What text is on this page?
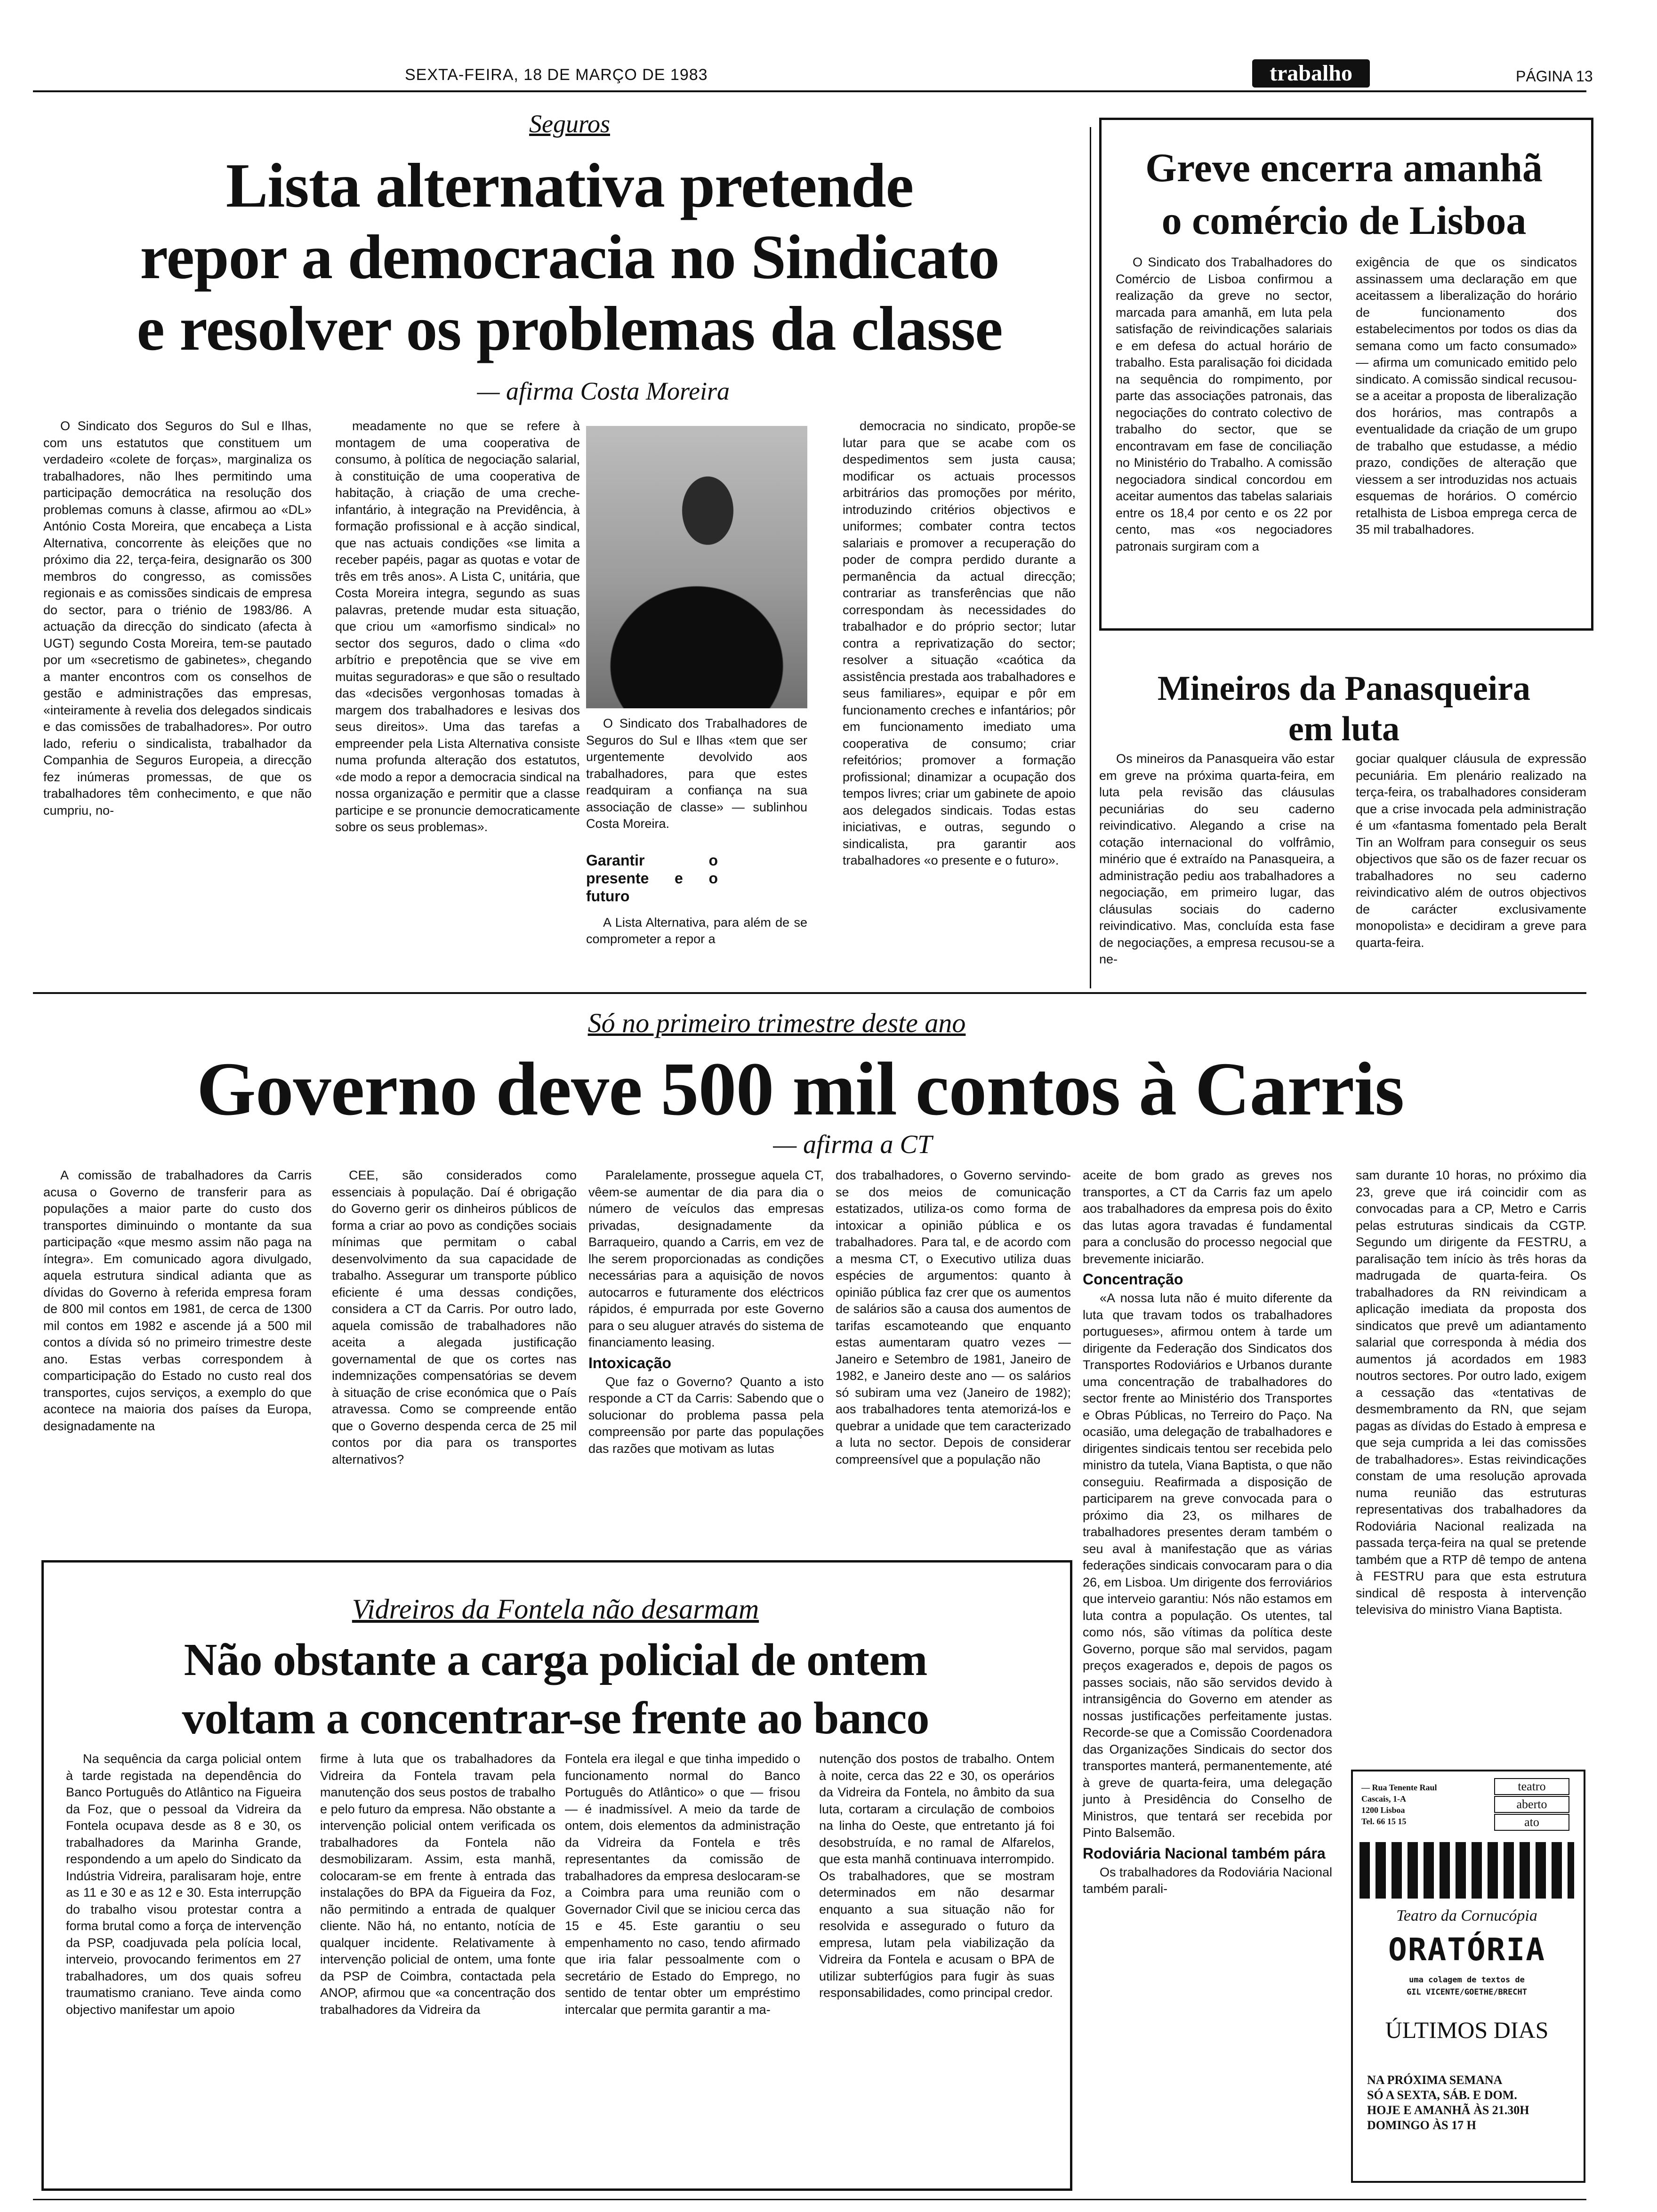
SEXTA-FEIRA, 18 DE MARÇO DE 1983	trabalho	PÁGINA 13
Seguros
Lista alternativa pretende
repor a democracia no Sindicato
e resolver os problemas da classe
— afirma Costa Moreira

O Sindicato dos Seguros do Sul e Ilhas, com uns estatutos que constituem um verdadeiro «colete de forças», marginaliza os trabalhadores, não lhes permitindo uma participação democrática na resolução dos problemas comuns à classe, afirmou ao «DL» António Costa Moreira, que encabeça a Lista Alternativa, concorrente às eleições que no próximo dia 22, terça-feira, designarão os 300 membros do congresso, as comissões regionais e as comissões sindicais de empresa do sector, para o triénio de 1983/86. A actuação da direcção do sindicato (afecta à UGT) segundo Costa Moreira, tem-se pautado por um «secretismo de gabinetes», chegando a manter encontros com os conselhos de gestão e administrações das empresas, «inteiramente à revelia dos delegados sindicais e das comissões de trabalhadores». Por outro lado, referiu o sindicalista, trabalhador da Companhia de Seguros Europeia, a direcção fez inúmeras promessas, de que os trabalhadores têm conhecimento, e que não cumpriu, no-

meadamente no que se refere à montagem de uma cooperativa de consumo, à política de negociação salarial, à constituição de uma cooperativa de habitação, à criação de uma creche-infantário, à integração na Previdência, à formação profissional e à acção sindical, que nas actuais condições «se limita a receber papéis, pagar as quotas e votar de três em três anos». A Lista C, unitária, que Costa Moreira integra, segundo as suas palavras, pretende mudar esta situação, que criou um «amorfismo sindical» no sector dos seguros, dado o clima «do arbítrio e prepotência que se vive em muitas seguradoras» e que são o resultado das «decisões vergonhosas tomadas à margem dos trabalhadores e lesivas dos seus direitos». Uma das tarefas a empreender pela Lista Alternativa consiste numa profunda alteração dos estatutos, «de modo a repor a democracia sindical na nossa organização e permitir que a classe participe e se pronuncie democraticamente sobre os seus problemas».

O Sindicato dos Trabalhadores de Seguros do Sul e Ilhas «tem que ser urgentemente devolvido aos trabalhadores, para que estes readquiram a confiança na sua associação de classe» — sublinhou Costa Moreira.

Garantir o presente e o futuro

A Lista Alternativa, para além de se comprometer a repor a

democracia no sindicato, propõe-se lutar para que se acabe com os despedimentos sem justa causa; modificar os actuais processos arbitrários das promoções por mérito, introduzindo critérios objectivos e uniformes; combater contra tectos salariais e promover a recuperação do poder de compra perdido durante a permanência da actual direcção; contrariar as transferências que não correspondam às necessidades do trabalhador e do próprio sector; lutar contra a reprivatização do sector; resolver a situação «caótica da assistência prestada aos trabalhadores e seus familiares», equipar e pôr em funcionamento creches e infantários; pôr em funcionamento imediato uma cooperativa de consumo; criar refeitórios; promover a formação profissional; dinamizar a ocupação dos tempos livres; criar um gabinete de apoio aos delegados sindicais. Todas estas iniciativas, e outras, segundo o sindicalista, pra garantir aos trabalhadores «o presente e o futuro».

Greve encerra amanhã
o comércio de Lisboa

O Sindicato dos Trabalhadores do Comércio de Lisboa confirmou a realização da greve no sector, marcada para amanhã, em luta pela satisfação de reivindicações salariais e em defesa do actual horário de trabalho. Esta paralisação foi dicidada na sequência do rompimento, por parte das associações patronais, das negociações do contrato colectivo de trabalho do sector, que se encontravam em fase de conciliação no Ministério do Trabalho. A comissão negociadora sindical concordou em aceitar aumentos das tabelas salariais entre os 18,4 por cento e os 22 por cento, mas «os negociadores patronais surgiram com a

exigência de que os sindicatos assinassem uma declaração em que aceitassem a liberalização do horário de funcionamento dos estabelecimentos por todos os dias da semana como um facto consumado» — afirma um comunicado emitido pelo sindicato. A comissão sindical recusou-se a aceitar a proposta de liberalização dos horários, mas contrapôs a eventualidade da criação de um grupo de trabalho que estudasse, a médio prazo, condições de alteração que viessem a ser introduzidas nos actuais esquemas de horários. O comércio retalhista de Lisboa emprega cerca de 35 mil trabalhadores.

Mineiros da Panasqueira
em luta

Os mineiros da Panasqueira vão estar em greve na próxima quarta-feira, em luta pela revisão das cláusulas pecuniárias do seu caderno reivindicativo. Alegando a crise na cotação internacional do volfrâmio, minério que é extraído na Panasqueira, a administração pediu aos trabalhadores a negociação, em primeiro lugar, das cláusulas sociais do caderno reivindicativo. Mas, concluída esta fase de negociações, a empresa recusou-se a ne-

gociar qualquer cláusula de expressão pecuniária. Em plenário realizado na terça-feira, os trabalhadores consideram que a crise invocada pela administração é um «fantasma fomentado pela Beralt Tin an Wolfram para conseguir os seus objectivos que são os de fazer recuar os trabalhadores no seu caderno reivindicativo além de outros objectivos de carácter exclusivamente monopolista» e decidiram a greve para quarta-feira.

Só no primeiro trimestre deste ano
Governo deve 500 mil contos à Carris
— afirma a CT

A comissão de trabalhadores da Carris acusa o Governo de transferir para as populações a maior parte do custo dos transportes diminuindo o montante da sua participação «que mesmo assim não paga na íntegra». Em comunicado agora divulgado, aquela estrutura sindical adianta que as dívidas do Governo à referida empresa foram de 800 mil contos em 1981, de cerca de 1300 mil contos em 1982 e ascende já a 500 mil contos a dívida só no primeiro trimestre deste ano. Estas verbas correspondem à comparticipação do Estado no custo real dos transportes, cujos serviços, a exemplo do que acontece na maioria dos países da Europa, designadamente na

CEE, são considerados como essenciais à população. Daí é obrigação do Governo gerir os dinheiros públicos de forma a criar ao povo as condições sociais mínimas que permitam o cabal desenvolvimento da sua capacidade de trabalho. Assegurar um transporte público eficiente é uma dessas condições, considera a CT da Carris. Por outro lado, aquela comissão de trabalhadores não aceita a alegada justificação governamental de que os cortes nas indemnizações compensatórias se devem à situação de crise económica que o País atravessa. Como se compreende então que o Governo despenda cerca de 25 mil contos por dia para os transportes alternativos?

Paralelamente, prossegue aquela CT, vêem-se aumentar de dia para dia o número de veículos das empresas privadas, designadamente da Barraqueiro, quando a Carris, em vez de lhe serem proporcionadas as condições necessárias para a aquisição de novos autocarros e futuramente dos eléctricos rápidos, é empurrada por este Governo para o seu aluguer através do sistema de financiamento leasing.

Intoxicação

Que faz o Governo? Quanto a isto responde a CT da Carris: Sabendo que o solucionar do problema passa pela compreensão por parte das populações das razões que motivam as lutas

dos trabalhadores, o Governo servindo-se dos meios de comunicação estatizados, utiliza-os como forma de intoxicar a opinião pública e os trabalhadores. Para tal, e de acordo com a mesma CT, o Executivo utiliza duas espécies de argumentos: quanto à opinião pública faz crer que os aumentos de salários são a causa dos aumentos de tarifas escamoteando que enquanto estas aumentaram quatro vezes — Janeiro e Setembro de 1981, Janeiro de 1982, e Janeiro deste ano — os salários só subiram uma vez (Janeiro de 1982); aos trabalhadores tenta atemorizá-los e quebrar a unidade que tem caracterizado a luta no sector. Depois de considerar compreensível que a população não

aceite de bom grado as greves nos transportes, a CT da Carris faz um apelo aos trabalhadores da empresa pois do êxito das lutas agora travadas é fundamental para a conclusão do processo negocial que brevemente iniciarão.

Concentração

«A nossa luta não é muito diferente da luta que travam todos os trabalhadores portugueses», afirmou ontem à tarde um dirigente da Federação dos Sindicatos dos Transportes Rodoviários e Urbanos durante uma concentração de trabalhadores do sector frente ao Ministério dos Transportes e Obras Públicas, no Terreiro do Paço. Na ocasião, uma delegação de trabalhadores e dirigentes sindicais tentou ser recebida pelo ministro da tutela, Viana Baptista, o que não conseguiu. Reafirmada a disposição de participarem na greve convocada para o próximo dia 23, os milhares de trabalhadores presentes deram também o seu aval à manifestação que as várias federações sindicais convocaram para o dia 26, em Lisboa. Um dirigente dos ferroviários que interveio garantiu: Nós não estamos em luta contra a população. Os utentes, tal como nós, são vítimas da política deste Governo, porque são mal servidos, pagam preços exagerados e, depois de pagos os passes sociais, não são servidos devido à intransigência do Governo em atender as nossas justificações perfeitamente justas. Recorde-se que a Comissão Coordenadora das Organizações Sindicais do sector dos transportes manterá, permanentemente, até à greve de quarta-feira, uma delegação junto à Presidência do Conselho de Ministros, que tentará ser recebida por Pinto Balsemão.

Rodoviária Nacional também pára

Os trabalhadores da Rodoviária Nacional também parali-

sam durante 10 horas, no próximo dia 23, greve que irá coincidir com as convocadas para a CP, Metro e Carris pelas estruturas sindicais da CGTP. Segundo um dirigente da FESTRU, a paralisação tem início às três horas da madrugada de quarta-feira. Os trabalhadores da RN reivindicam a aplicação imediata da proposta dos sindicatos que prevê um adiantamento salarial que corresponda à média dos aumentos já acordados em 1983 noutros sectores. Por outro lado, exigem a cessação das «tentativas de desmembramento da RN, que sejam pagas as dívidas do Estado à empresa e que seja cumprida a lei das comissões de trabalhadores». Estas reivindicações constam de uma resolução aprovada numa reunião das estruturas representativas dos trabalhadores da Rodoviária Nacional realizada na passada terça-feira na qual se pretende também que a RTP dê tempo de antena à FESTRU para que esta estrutura sindical dê resposta à intervenção televisiva do ministro Viana Baptista.

Vidreiros da Fontela não desarmam
Não obstante a carga policial de ontem
voltam a concentrar-se frente ao banco

Na sequência da carga policial ontem à tarde registada na dependência do Banco Português do Atlântico na Figueira da Foz, que o pessoal da Vidreira da Fontela ocupava desde as 8 e 30, os trabalhadores da Marinha Grande, respondendo a um apelo do Sindicato da Indústria Vidreira, paralisaram hoje, entre as 11 e 30 e as 12 e 30. Esta interrupção do trabalho visou protestar contra a forma brutal como a força de intervenção da PSP, coadjuvada pela polícia local, interveio, provocando ferimentos em 27 trabalhadores, um dos quais sofreu traumatismo craniano. Teve ainda como objectivo manifestar um apoio

firme à luta que os trabalhadores da Vidreira da Fontela travam pela manutenção dos seus postos de trabalho e pelo futuro da empresa. Não obstante a intervenção policial ontem verificada os trabalhadores da Fontela não desmobilizaram. Assim, esta manhã, colocaram-se em frente à entrada das instalações do BPA da Figueira da Foz, não permitindo a entrada de qualquer cliente. Não há, no entanto, notícia de qualquer incidente. Relativamente à intervenção policial de ontem, uma fonte da PSP de Coimbra, contactada pela ANOP, afirmou que «a concentração dos trabalhadores da Vidreira da

Fontela era ilegal e que tinha impedido o funcionamento normal do Banco Português do Atlântico» o que — frisou — é inadmissível. A meio da tarde de ontem, dois elementos da administração da Vidreira da Fontela e três representantes da comissão de trabalhadores da empresa deslocaram-se a Coimbra para uma reunião com o Governador Civil que se iniciou cerca das 15 e 45. Este garantiu o seu empenhamento no caso, tendo afirmado que iria falar pessoalmente com o secretário de Estado do Emprego, no sentido de tentar obter um empréstimo intercalar que permita garantir a ma-

nutenção dos postos de trabalho. Ontem à noite, cerca das 22 e 30, os operários da Vidreira da Fontela, no âmbito da sua luta, cortaram a circulação de comboios na linha do Oeste, que entretanto já foi desobstruída, e no ramal de Alfarelos, que esta manhã continuava interrompido. Os trabalhadores, que se mostram determinados em não desarmar enquanto a sua situação não for resolvida e assegurado o futuro da empresa, lutam pela viabilização da Vidreira da Fontela e acusam o BPA de utilizar subterfúgios para fugir às suas responsabilidades, como principal credor.

— Rua Tenente Raul
Cascais, 1-A
1200 Lisboa
Tel. 66 15 15
teatro
aberto
ato
Teatro da Cornucópia
ORATÓRIA
uma colagem de textos de
GIL VICENTE/GOETHE/BRECHT
ÚLTIMOS DIAS
NA PRÓXIMA SEMANA
SÓ A SEXTA, SÁB. E DOM.
HOJE E AMANHÃ ÀS 21.30H
DOMINGO ÀS 17 H
